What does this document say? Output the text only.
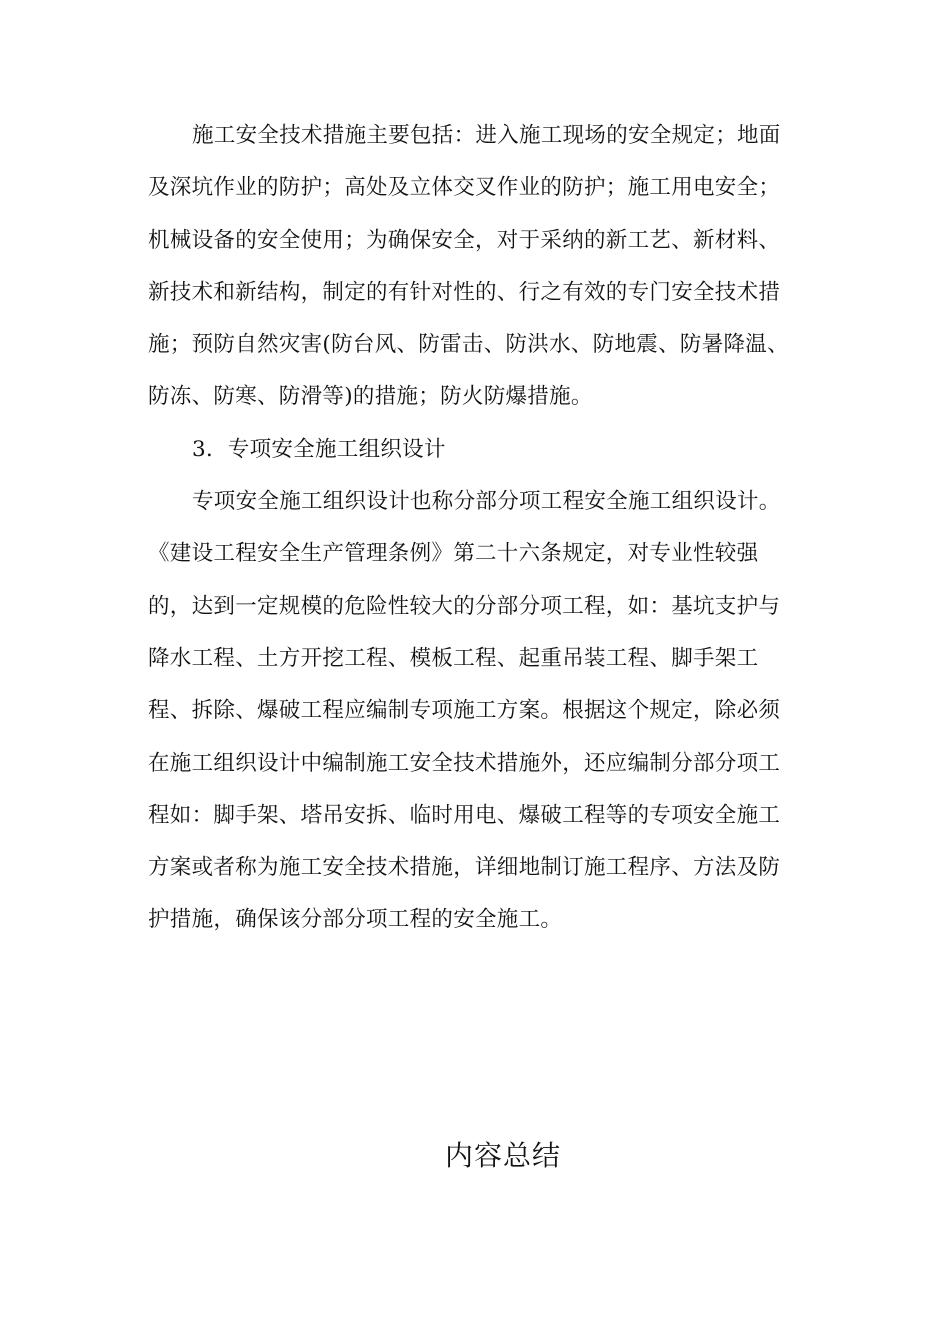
施工安全技术措施主要包括：进入施工现场的安全规定；地面
及深坑作业的防护；高处及立体交叉作业的防护；施工用电安全；
机械设备的安全使用；为确保安全，对于采纳的新工艺、新材料、
新技术和新结构，制定的有针对性的、行之有效的专门安全技术措
施；预防自然灾害(防台风、防雷击、防洪水、防地震、防暑降温、
防冻、防寒、防滑等)的措施；防火防爆措施。
3．专项安全施工组织设计
专项安全施工组织设计也称分部分项工程安全施工组织设计。
《建设工程安全生产管理条例》第二十六条规定，对专业性较强
的，达到一定规模的危险性较大的分部分项工程，如：基坑支护与
降水工程、土方开挖工程、模板工程、起重吊装工程、脚手架工
程、拆除、爆破工程应编制专项施工方案。根据这个规定，除必须
在施工组织设计中编制施工安全技术措施外，还应编制分部分项工
程如：脚手架、塔吊安拆、临时用电、爆破工程等的专项安全施工
方案或者称为施工安全技术措施，详细地制订施工程序、方法及防
护措施，确保该分部分项工程的安全施工。
内容总结
